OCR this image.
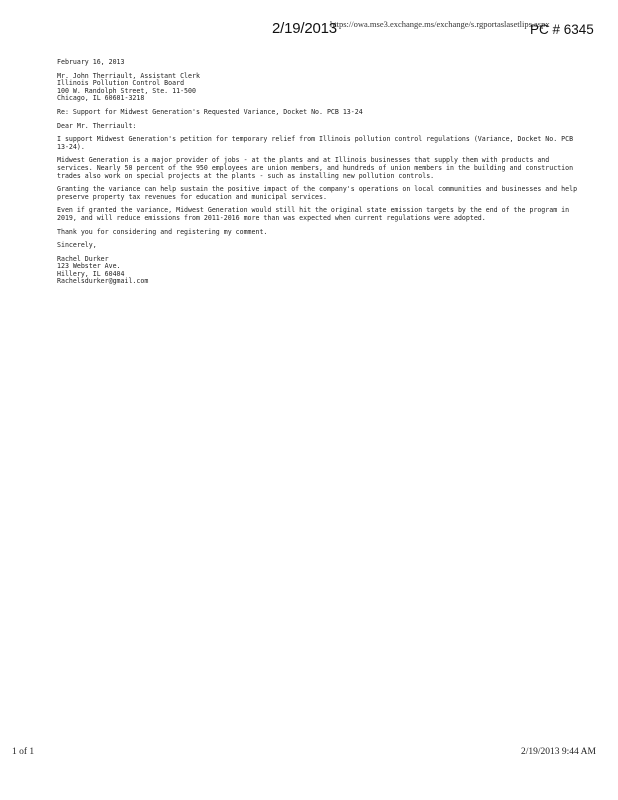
2/19/2013
https://owa.mse3.exchange.ms/exchange/s.rgportaslasetlips.aspx
PC # 6345

February 16, 2013

Mr. John Therriault, Assistant Clerk
Illinois Pollution Control Board
100 W. Randolph Street, Ste. 11-500
Chicago, IL 60601-3218

Re: Support for Midwest Generation's Requested Variance, Docket No. PCB 13-24

Dear Mr. Therriault:

I support Midwest Generation's petition for temporary relief from Illinois pollution control regulations (Variance, Docket No. PCB 13-24).

Midwest Generation is a major provider of jobs - at the plants and at Illinois businesses that supply them with products and services. Nearly 50 percent of the 950 employees are union members, and hundreds of union members in the building and construction trades also work on special projects at the plants - such as installing new pollution controls.

Granting the variance can help sustain the positive impact of the company's operations on local communities and businesses and help preserve property tax revenues for education and municipal services.

Even if granted the variance, Midwest Generation would still hit the original state emission targets by the end of the program in 2019, and will reduce emissions from 2011-2016 more than was expected when current regulations were adopted.

Thank you for considering and registering my comment.

Sincerely,

Rachel Durker
123 Webster Ave.
Hillery, IL 60404
Rachelsdurker@gmail.com

1 of 1	2/19/2013 9:44 AM
